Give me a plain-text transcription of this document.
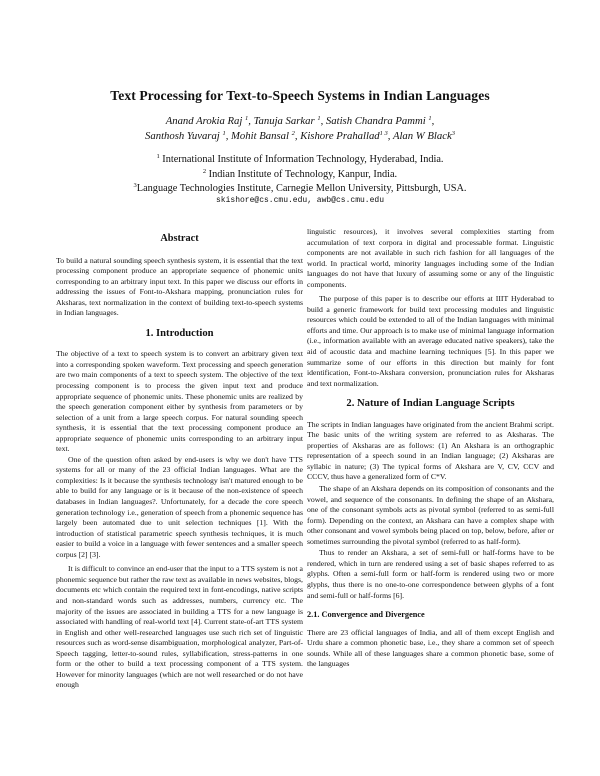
Text Processing for Text-to-Speech Systems in Indian Languages
Anand Arokia Raj $^1$, Tanuja Sarkar $^1$, Satish Chandra Pammi $^1$,
Santhosh Yuvaraj $^1$, Mohit Bansal $^2$, Kishore Prahallad$^{1 3}$, Alan W Black$^3$
$^1$ International Institute of Information Technology, Hyderabad, India.
$^2$ Indian Institute of Technology, Kanpur, India.
$^3$Language Technologies Institute, Carnegie Mellon University, Pittsburgh, USA.
skishore@cs.cmu.edu, awb@cs.cmu.edu
Abstract

To build a natural sounding speech synthesis system, it is essential that the text processing component produce an appropriate sequence of phonemic units corresponding to an arbitrary input text. In this paper we discuss our efforts in addressing the issues of Font-to-Akshara mapping, pronunciation rules for Aksharas, text normalization in the context of building text-to-speech systems in Indian languages.

1. Introduction

The objective of a text to speech system is to convert an arbitrary given text into a corresponding spoken waveform. Text processing and speech generation are two main components of a text to speech system. The objective of the text processing component is to process the given input text and produce appropriate sequence of phonemic units. These phonemic units are realized by the speech generation component either by synthesis from parameters or by selection of a unit from a large speech corpus. For natural sounding speech synthesis, it is essential that the text processing component produce an appropriate sequence of phonemic units corresponding to an arbitrary input text.

One of the question often asked by end-users is why we don't have TTS systems for all or many of the 23 official Indian languages. What are the complexities: Is it because the synthesis technology isn't matured enough to be able to build for any language or is it because of the non-existence of speech databases in Indian languages?. Unfortunately, for a decade the core speech generation technology i.e., generation of speech from a phonemic sequence has largely been automated due to unit selection techniques [1]. With the introduction of statistical parametric speech synthesis techniques, it is much easier to build a voice in a language with fewer sentences and a smaller speech corpus [2] [3].

It is difficult to convince an end-user that the input to a TTS system is not a phonemic sequence but rather the raw text as available in news websites, blogs, documents etc which contain the required text in font-encodings, native scripts and non-standard words such as addresses, numbers, currency etc. The majority of the issues are associated in building a TTS for a new language is associated with handling of real-world text [4]. Current state-of-art TTS system in English and other well-researched languages use such rich set of linguistic resources such as word-sense disambiguation, morphological analyzer, Part-of-Speech tagging, letter-to-sound rules, syllabification, stress-patterns in one form or the other to build a text processing component of a TTS system. However for minority languages (which are not well researched or do not have enough

linguistic resources), it involves several complexities starting from accumulation of text corpora in digital and processable format. Linguistic components are not available in such rich fashion for all languages of the world. In practical world, minority languages including some of the Indian languages do not have that luxury of assuming some or any of the linguistic components.

The purpose of this paper is to describe our efforts at IIIT Hyderabad to build a generic framework for build text processing modules and linguistic resources which could be extended to all of the Indian languages with minimal efforts and time. Our approach is to make use of minimal language information (i.e., information available with an average educated native speakers), take the aid of acoustic data and machine learning techniques [5]. In this paper we summarize some of our efforts in this direction but mainly for font identification, Font-to-Akshara conversion, pronunciation rules for Aksharas and text normalization.

2. Nature of Indian Language Scripts

The scripts in Indian languages have originated from the ancient Brahmi script. The basic units of the writing system are referred to as Aksharas. The properties of Aksharas are as follows: (1) An Akshara is an orthographic representation of a speech sound in an Indian language; (2) Aksharas are syllabic in nature; (3) The typical forms of Akshara are V, CV, CCV and CCCV, thus have a generalized form of C*V.

The shape of an Akshara depends on its composition of consonants and the vowel, and sequence of the consonants. In defining the shape of an Akshara, one of the consonant symbols acts as pivotal symbol (referred to as semi-full form). Depending on the context, an Akshara can have a complex shape with other consonant and vowel symbols being placed on top, below, before, after or sometimes surrounding the pivotal symbol (referred to as half-form).

Thus to render an Akshara, a set of semi-full or half-forms have to be rendered, which in turn are rendered using a set of basic shapes referred to as glyphs. Often a semi-full form or half-form is rendered using two or more glyphs, thus there is no one-to-one correspondence between glyphs of a font and semi-full or half-forms [6].

2.1. Convergence and Divergence

There are 23 official languages of India, and all of them except English and Urdu share a common phonetic base, i.e., they share a common set of speech sounds. While all of these languages share a common phonetic base, some of the languages
